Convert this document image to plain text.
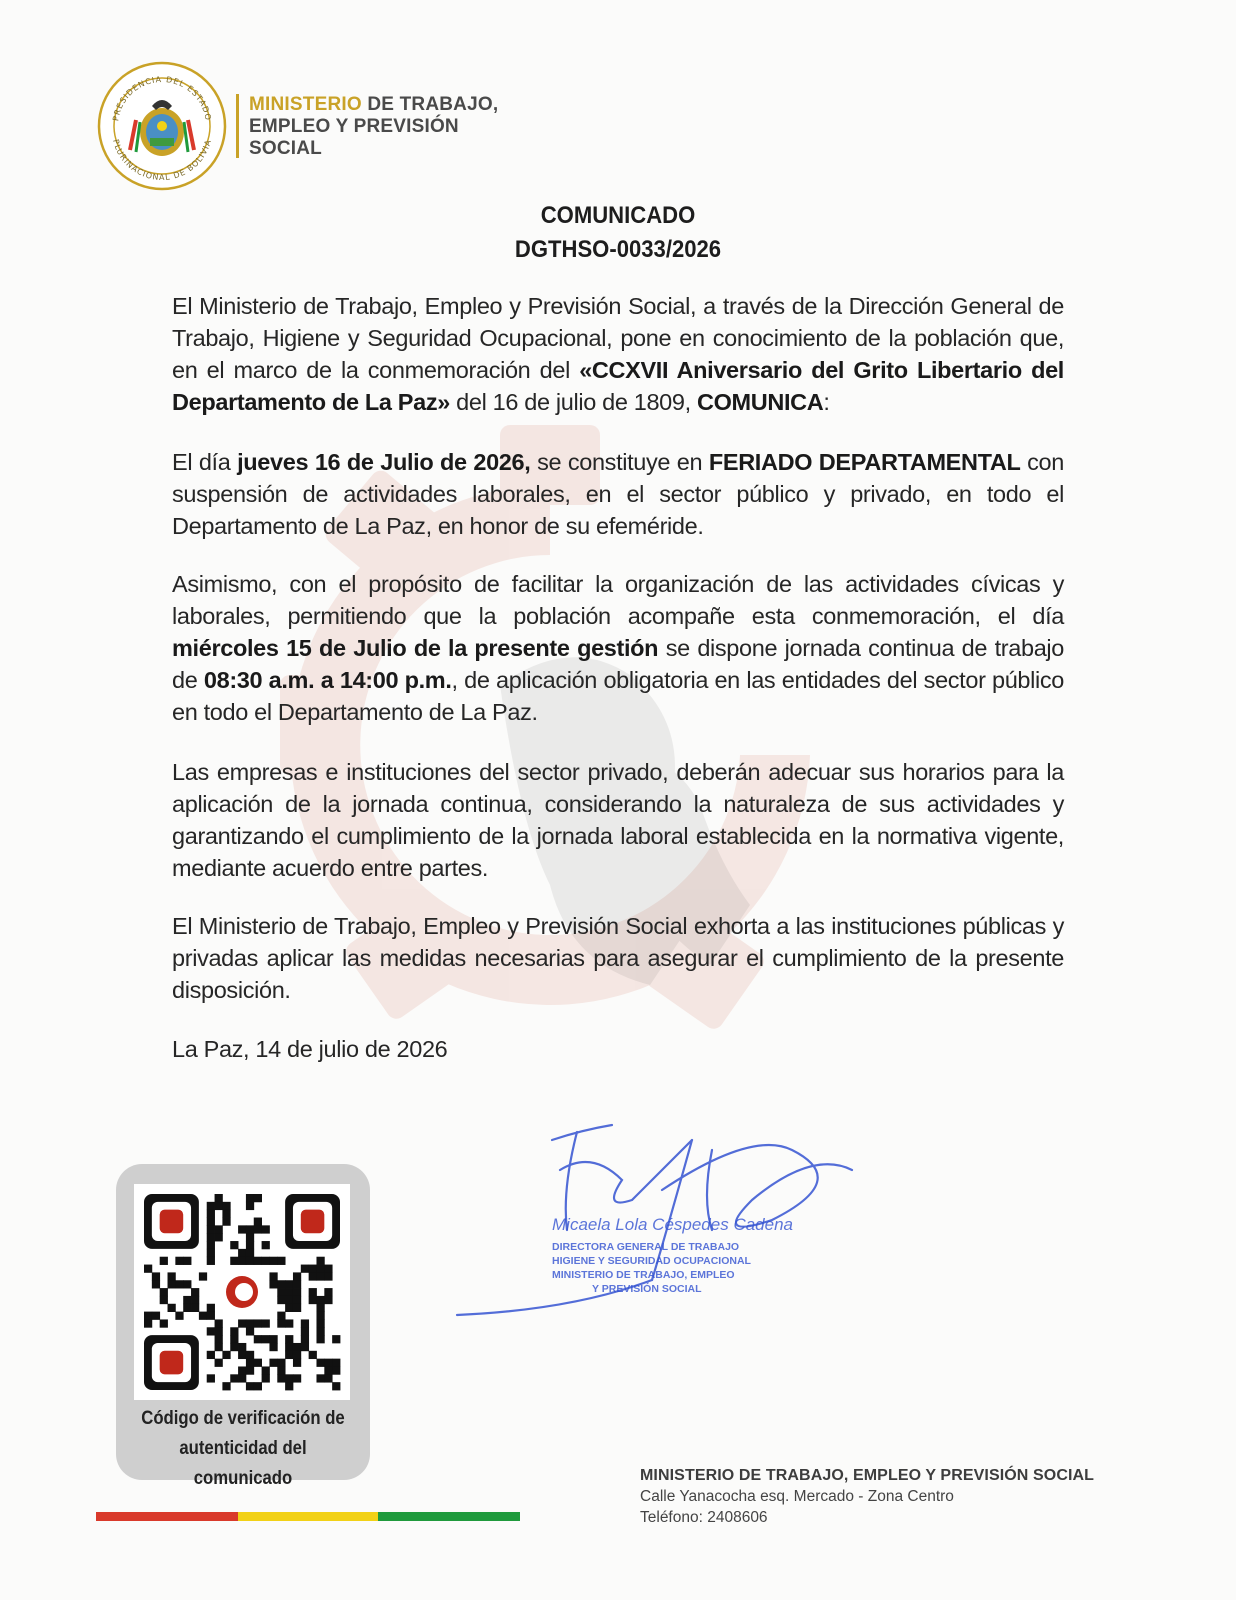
PRESIDENCIA DEL ESTADO
PLURINACIONAL DE BOLIVIA
MINISTERIO DE TRABAJO,
EMPLEO Y PREVISIÓN
SOCIAL
COMUNICADO
DGTHSO-0033/2026
El Ministerio de Trabajo, Empleo y Previsión Social, a través de la Dirección General de Trabajo, Higiene y Seguridad Ocupacional, pone en conocimiento de la población que, en el marco de la conmemoración del «CCXVII Aniversario del Grito Libertario del Departamento de La Paz» del 16 de julio de 1809, COMUNICA:
El día jueves 16 de Julio de 2026, se constituye en FERIADO DEPARTAMENTAL con suspensión de actividades laborales, en el sector público y privado, en todo el Departamento de La Paz, en honor de su efeméride.
Asimismo, con el propósito de facilitar la organización de las actividades cívicas y laborales, permitiendo que la población acompañe esta conmemoración, el día miércoles 15 de Julio de la presente gestión se dispone jornada continua de trabajo de 08:30 a.m. a 14:00 p.m., de aplicación obligatoria en las entidades del sector público en todo el Departamento de La Paz.
Las empresas e instituciones del sector privado, deberán adecuar sus horarios para la aplicación de la jornada continua, considerando la naturaleza de sus actividades y garantizando el cumplimiento de la jornada laboral establecida en la normativa vigente, mediante acuerdo entre partes.
El Ministerio de Trabajo, Empleo y Previsión Social exhorta a las instituciones públicas y privadas aplicar las medidas necesarias para asegurar el cumplimiento de la presente disposición.
La Paz, 14 de julio de 2026
Micaela Lola Céspedes Cadena
DIRECTORA GENERAL DE TRABAJO
HIGIENE Y SEGURIDAD OCUPACIONAL
MINISTERIO DE TRABAJO, EMPLEO
Y PREVISIÓN SOCIAL
Código de verificación de
autenticidad del comunicado	MINISTERIO DE TRABAJO, EMPLEO Y PREVISIÓN SOCIAL
Calle Yanacocha esq. Mercado - Zona Centro
Teléfono: 2408606
